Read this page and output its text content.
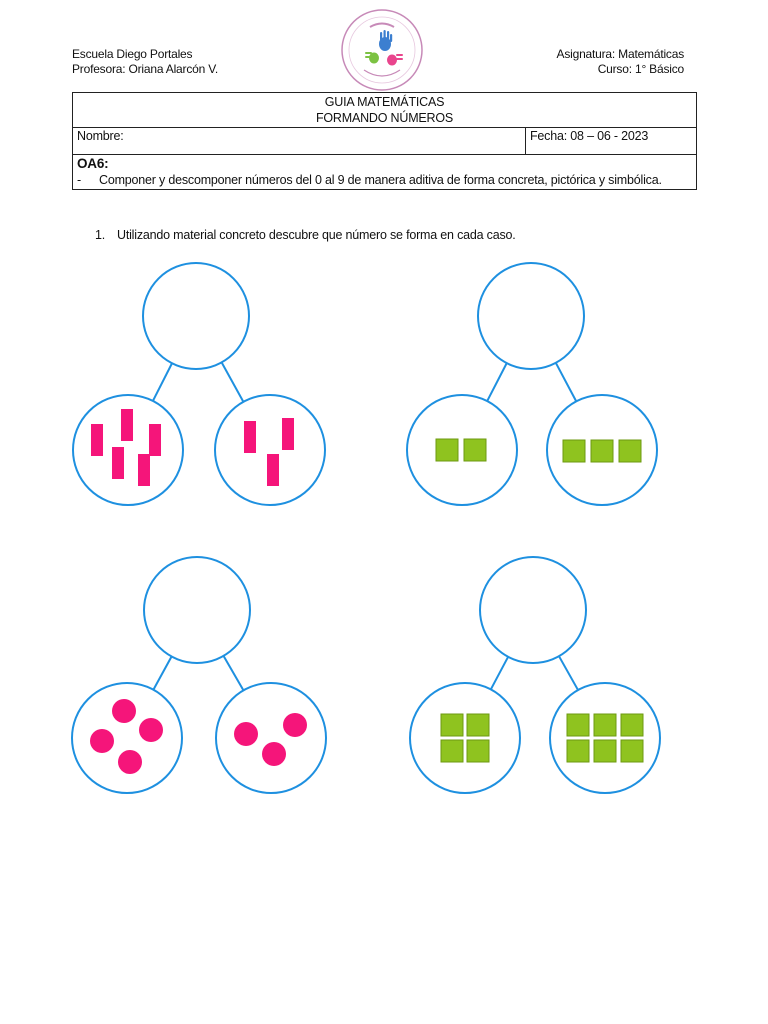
Escuela Diego Portales
Profesora: Oriana Alarcón V.
Asignatura: Matemáticas
Curso: 1° Básico
GUIA MATEMÁTICAS
FORMANDO NÚMEROS

Nombre:	Fecha: 08 – 06 - 2023

OA6:
- Componer y descomponer números del 0 al 9 de manera aditiva de forma concreta, pictórica y simbólica.
1. Utilizando material concreto descubre que número se forma en cada caso.
